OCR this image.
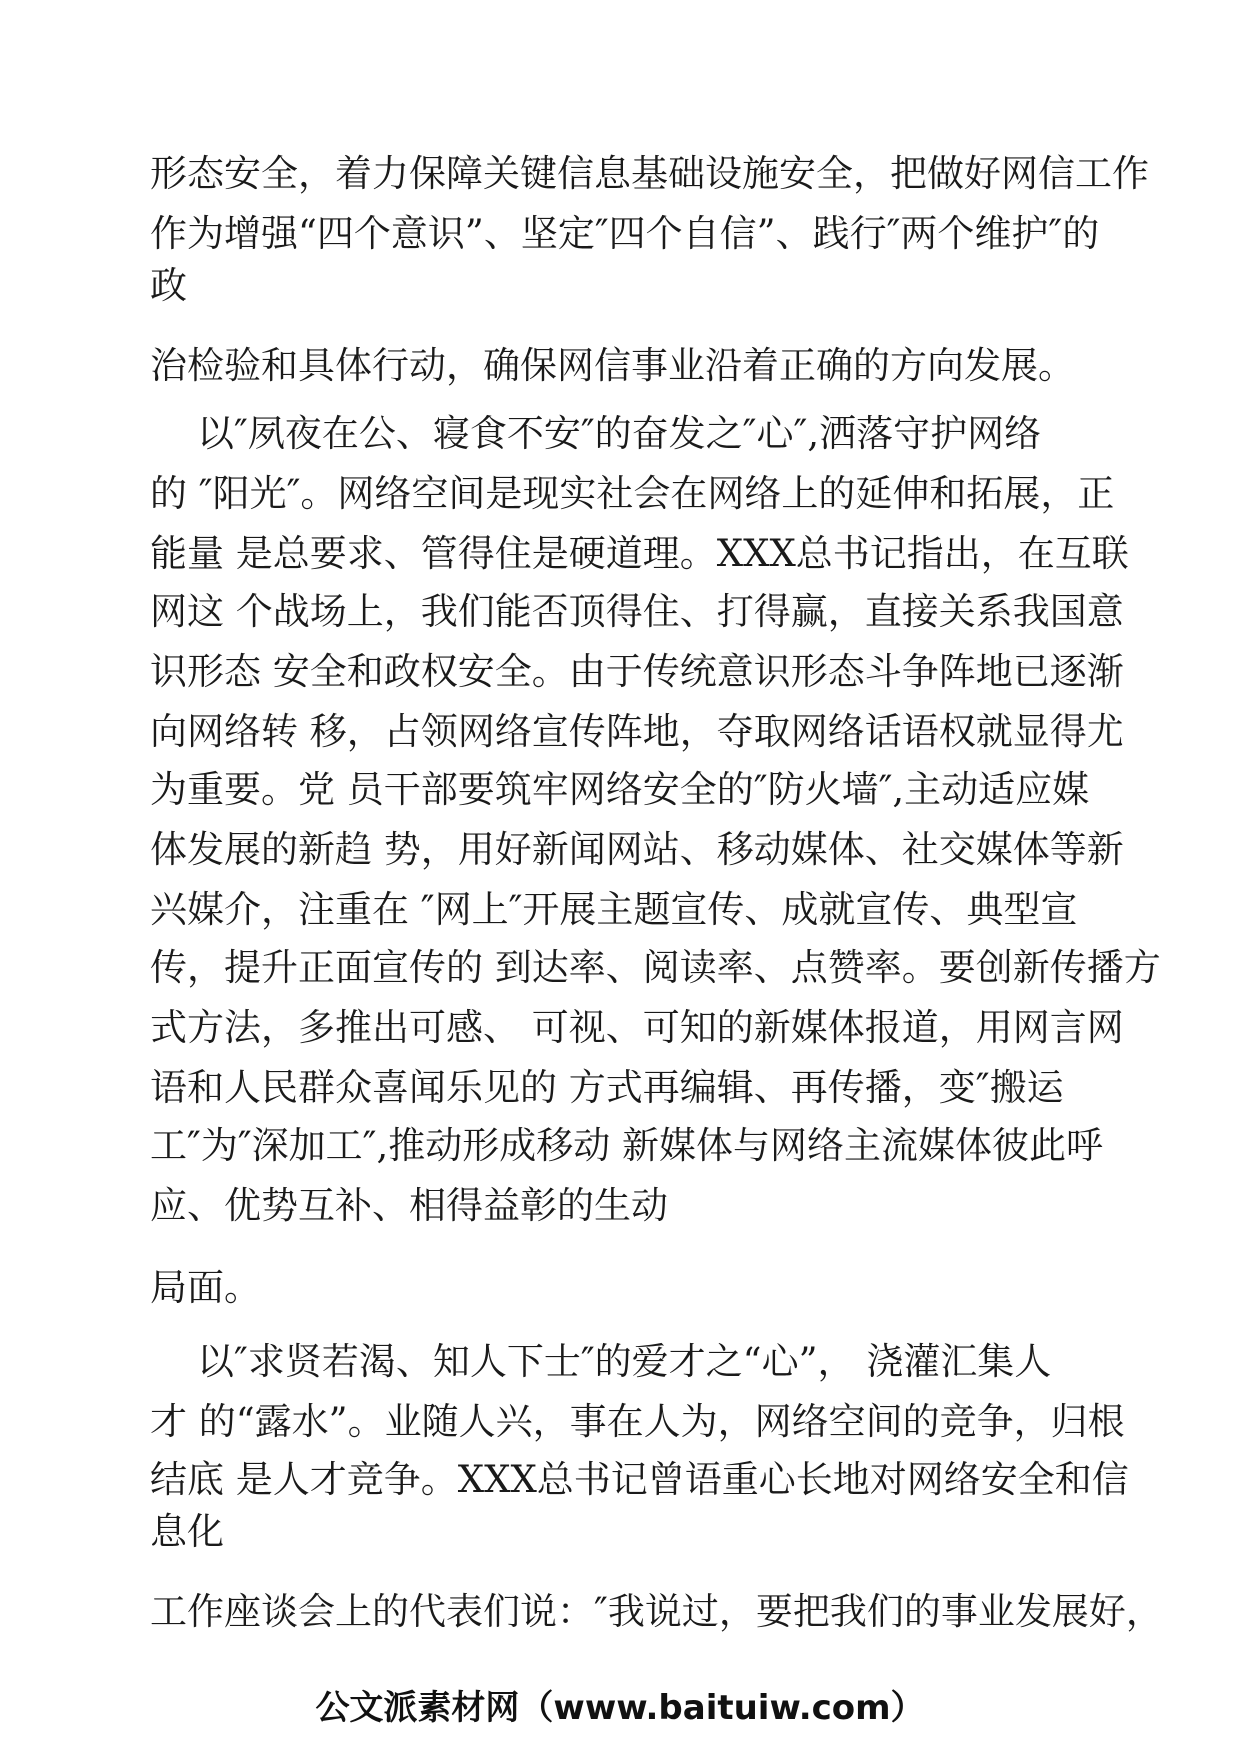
形态安全，着力保障关键信息基础设施安全，把做好网信工作
作为增强“四个意识”、坚定″四个自信”、践行″两个维护″的
政
治检验和具体行动，确保网信事业沿着正确的方向发展。
以″夙夜在公、寝食不安″的奋发之″心″,洒落守护网络
的 ″阳光″。网络空间是现实社会在网络上的延伸和拓展，正
能量 是总要求、管得住是硬道理。XXX总书记指出，在互联
网这 个战场上，我们能否顶得住、打得赢，直接关系我国意
识形态 安全和政权安全。由于传统意识形态斗争阵地已逐渐
向网络转 移，占领网络宣传阵地，夺取网络话语权就显得尤
为重要。党 员干部要筑牢网络安全的″防火墙″,主动适应媒
体发展的新趋 势，用好新闻网站、移动媒体、社交媒体等新
兴媒介，注重在 ″网上″开展主题宣传、成就宣传、典型宣
传，提升正面宣传的 到达率、阅读率、点赞率。要创新传播方
式方法，多推出可感、 可视、可知的新媒体报道，用网言网
语和人民群众喜闻乐见的 方式再编辑、再传播，变″搬运
工″为″深加工″,推动形成移动 新媒体与网络主流媒体彼此呼
应、优势互补、相得益彰的生动
局面。
以″求贤若渴、知人下士″的爱才之“心”， 浇灌汇集人
才 的“露水”。业随人兴，事在人为，网络空间的竞争，归根
结底 是人才竞争。XXX总书记曾语重心长地对网络安全和信
息化
工作座谈会上的代表们说：″我说过，要把我们的事业发展好，
公文派素材网（www.baituiw.com）
